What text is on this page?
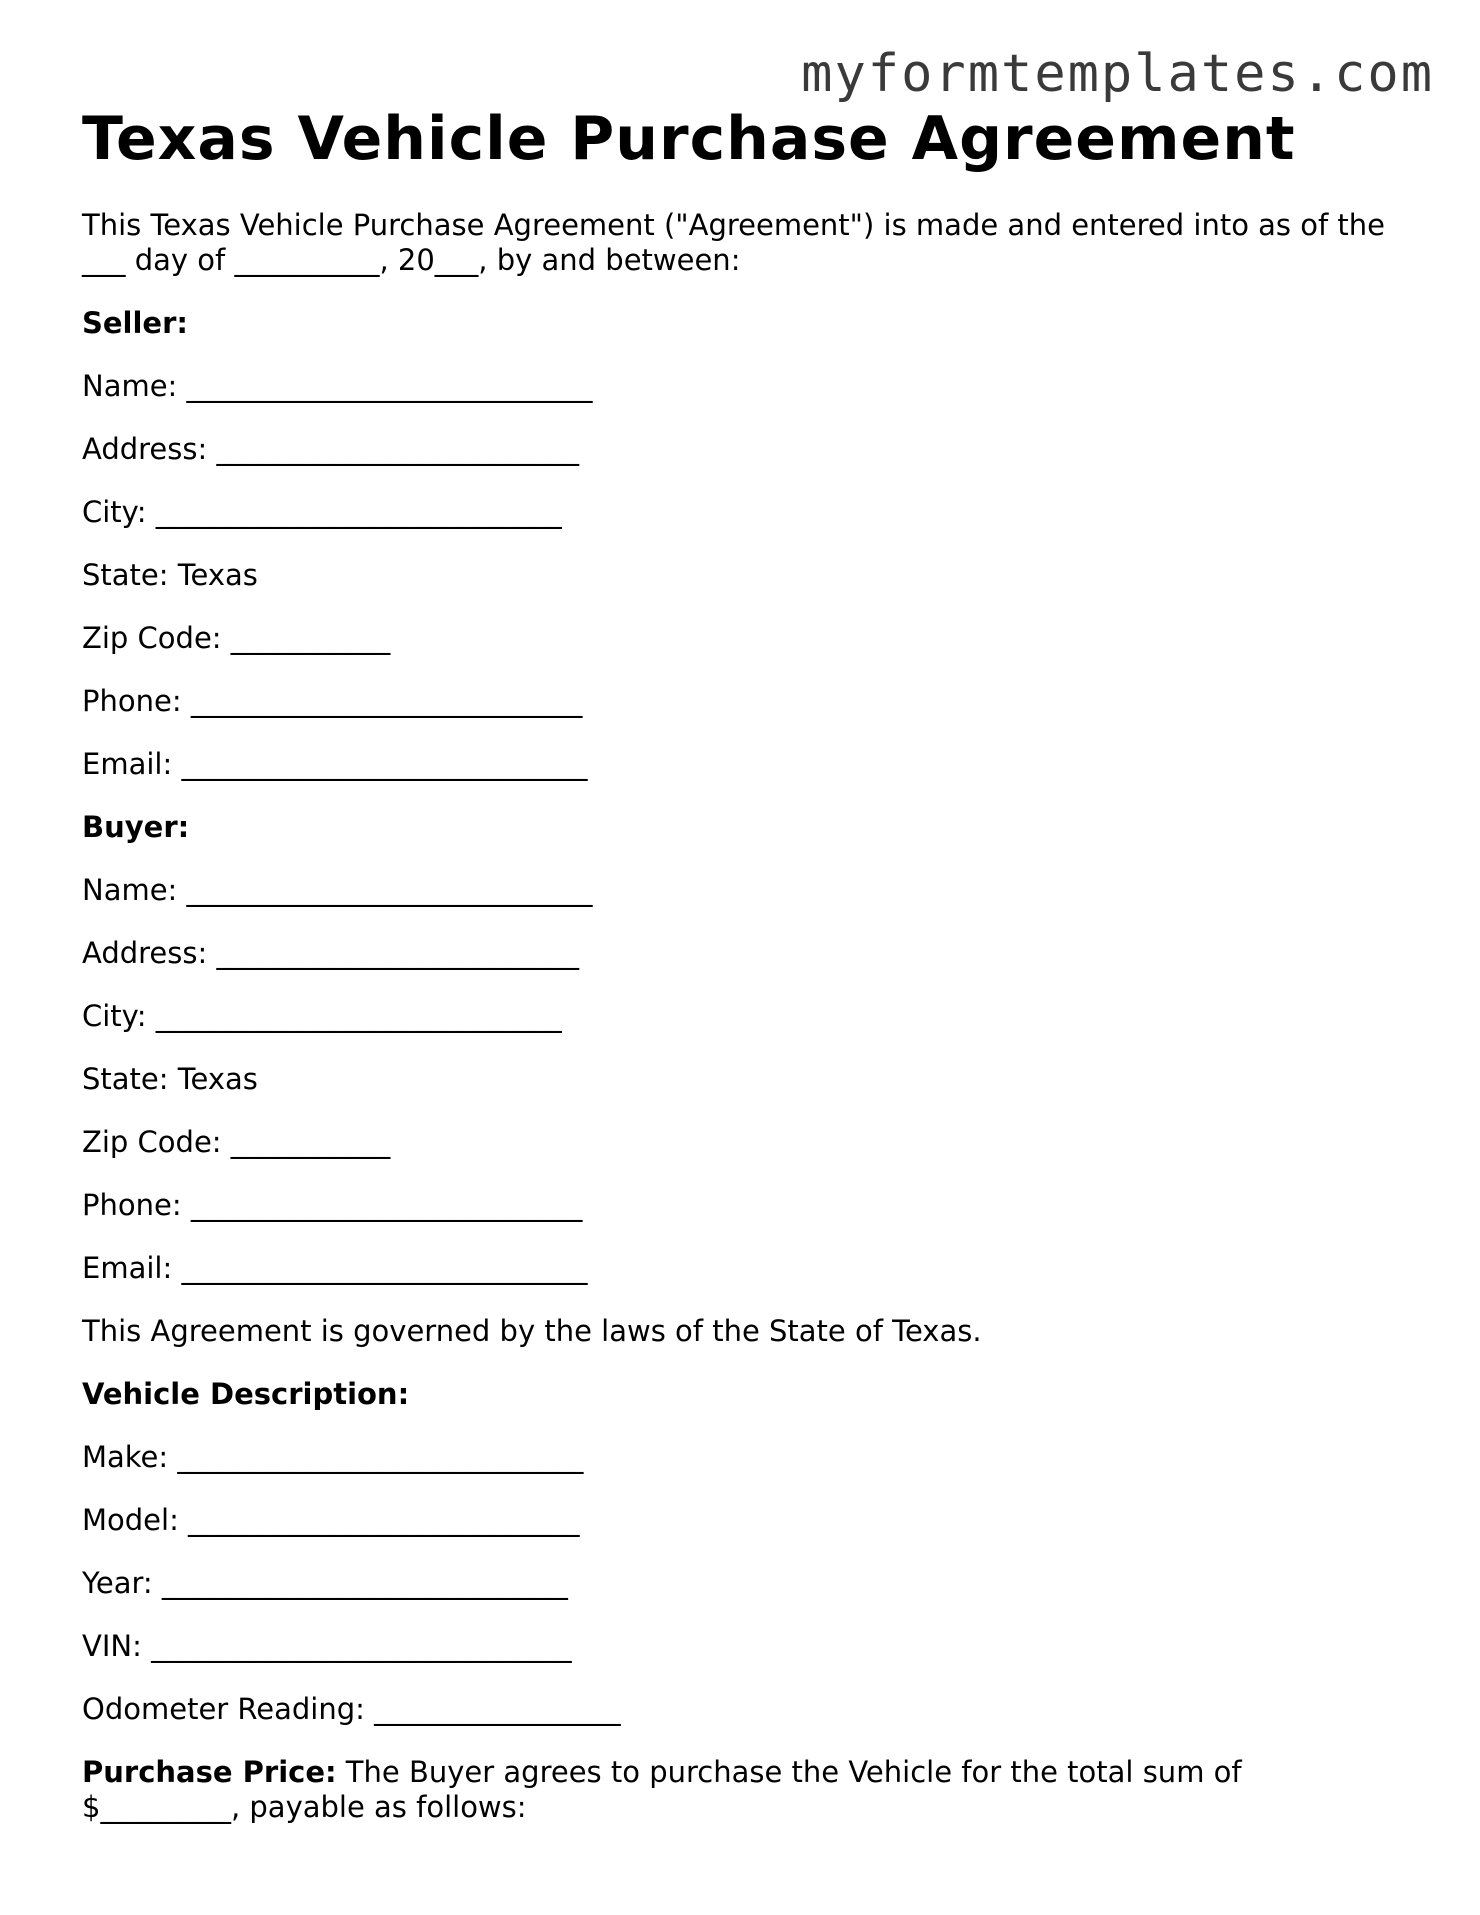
myformtemplates.com
Texas Vehicle Purchase Agreement

This Texas Vehicle Purchase Agreement ("Agreement") is made and entered into as of the ___ day of __________, 20___, by and between:

Seller:
Name: ____________________________
Address: _________________________
City: ____________________________
State: Texas
Zip Code: ___________
Phone: ___________________________
Email: ____________________________
Buyer:
Name: ____________________________
Address: _________________________
City: ____________________________
State: Texas
Zip Code: ___________
Phone: ___________________________
Email: ____________________________
This Agreement is governed by the laws of the State of Texas.
Vehicle Description:
Make: ____________________________
Model: ___________________________
Year: ____________________________
VIN: _____________________________
Odometer Reading: _________________

Purchase Price: The Buyer agrees to purchase the Vehicle for the total sum of $_________, payable as follows:
